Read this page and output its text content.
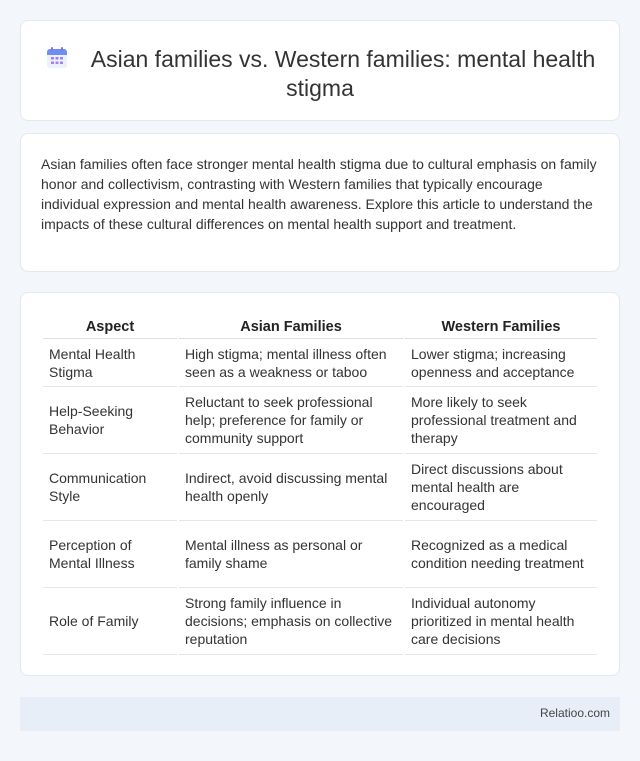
Asian families vs. Western families: mental health stigma

Asian families often face stronger mental health stigma due to cultural emphasis on family honor and collectivism, contrasting with Western families that typically encourage individual expression and mental health awareness. Explore this article to understand the impacts of these cultural differences on mental health support and treatment.

Aspect	Asian Families	Western Families
Mental Health Stigma	High stigma; mental illness often seen as a weakness or taboo	Lower stigma; increasing openness and acceptance
Help-Seeking Behavior	Reluctant to seek professional help; preference for family or community support	More likely to seek professional treatment and therapy
Communication Style	Indirect, avoid discussing mental health openly	Direct discussions about mental health are encouraged
Perception of Mental Illness	Mental illness as personal or family shame	Recognized as a medical condition needing treatment
Role of Family	Strong family influence in decisions; emphasis on collective reputation	Individual autonomy prioritized in mental health care decisions
Relatioo.com
